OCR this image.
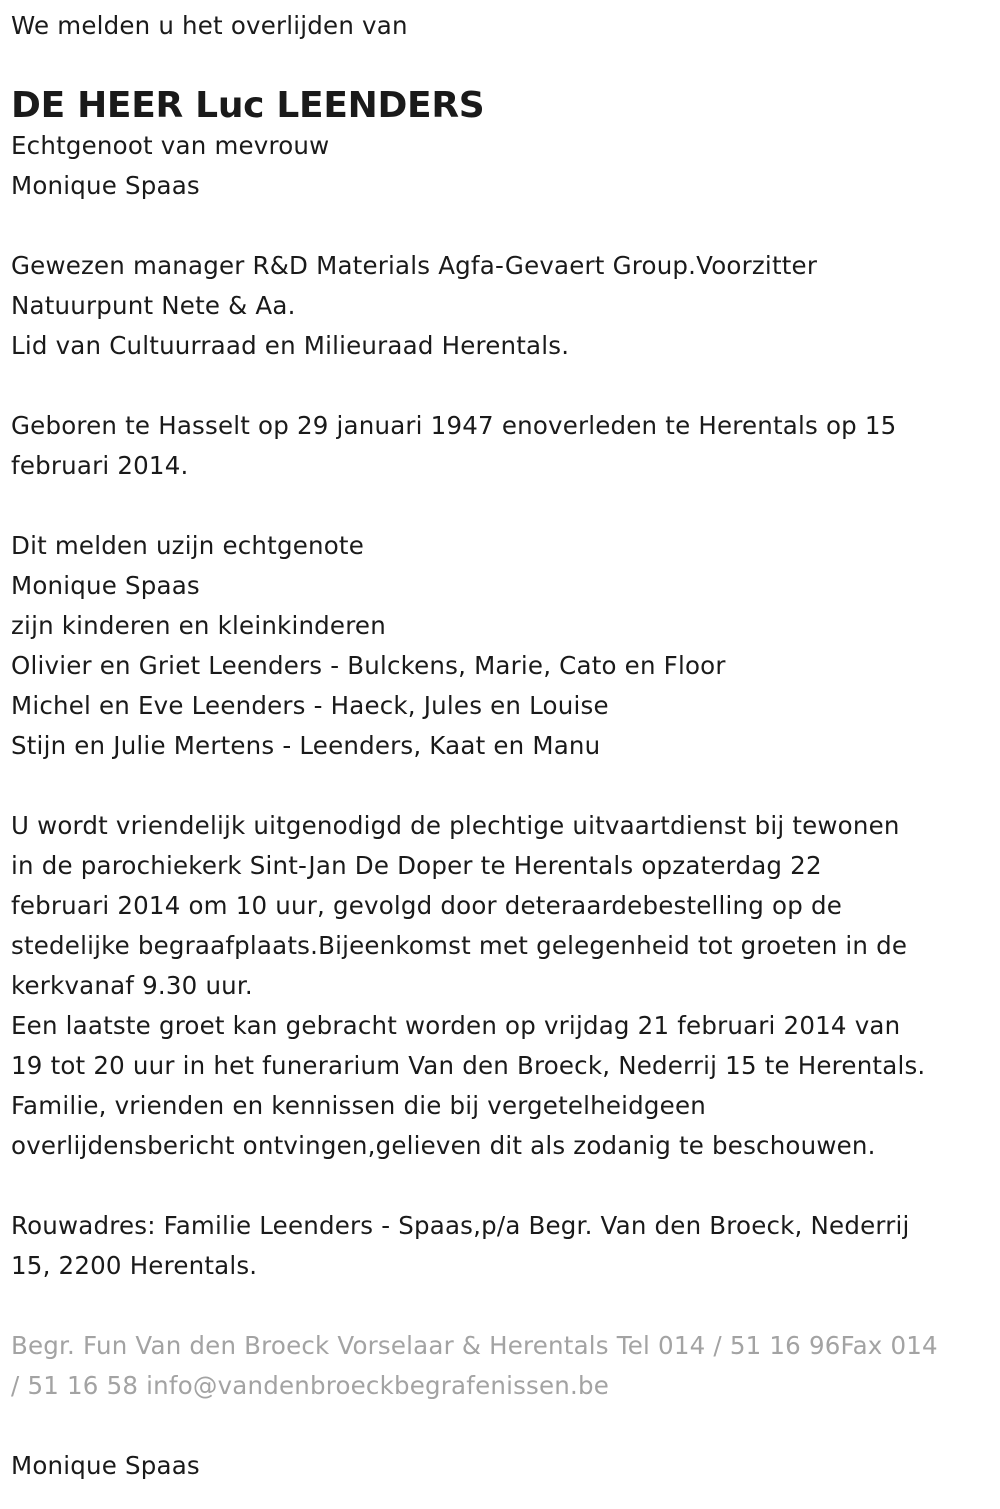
We melden u het overlijden van
DE HEER Luc LEENDERS
Echtgenoot van mevrouw
Monique Spaas
Gewezen manager R&D Materials Agfa-Gevaert Group.Voorzitter
Natuurpunt Nete & Aa.
Lid van Cultuurraad en Milieuraad Herentals.
Geboren te Hasselt op 29 januari 1947 enoverleden te Herentals op 15
februari 2014.
Dit melden uzijn echtgenote
Monique Spaas
zijn kinderen en kleinkinderen
Olivier en Griet Leenders - Bulckens, Marie, Cato en Floor
Michel en Eve Leenders - Haeck, Jules en Louise
Stijn en Julie Mertens - Leenders, Kaat en Manu
U wordt vriendelijk uitgenodigd de plechtige uitvaartdienst bij tewonen
in de parochiekerk Sint-Jan De Doper te Herentals opzaterdag 22
februari 2014 om 10 uur, gevolgd door deteraardebestelling op de
stedelijke begraafplaats.Bijeenkomst met gelegenheid tot groeten in de
kerkvanaf 9.30 uur.
Een laatste groet kan gebracht worden op vrijdag 21 februari 2014 van
19 tot 20 uur in het funerarium Van den Broeck, Nederrij 15 te Herentals.
Familie, vrienden en kennissen die bij vergetelheidgeen
overlijdensbericht ontvingen,gelieven dit als zodanig te beschouwen.
Rouwadres: Familie Leenders - Spaas,p/a Begr. Van den Broeck, Nederrij
15, 2200 Herentals.
Begr. Fun Van den Broeck Vorselaar & Herentals Tel 014 / 51 16 96Fax 014
/ 51 16 58 info@vandenbroeckbegrafenissen.be
Monique Spaas
